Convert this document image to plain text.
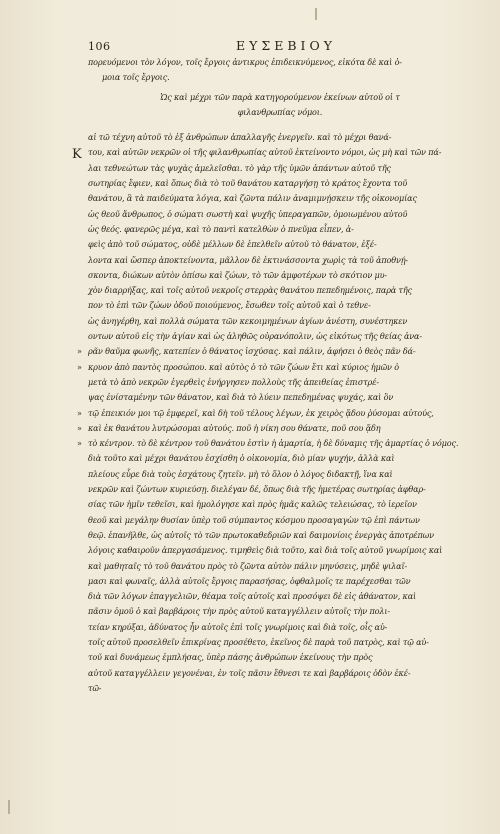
106	ΕΥΣΕΒΙΟΥ
Κ
πορευόμενοι τὸν λόγον, τοῖς ἔργοις ἀντικρυς ἐπιδεικνύμενος, εἰκότα δὲ καὶ ὁ-
μοια τοῖς ἔργοις.
Ὡς καὶ μέχρι τῶν παρὰ κατηγορούμενον ἐκείνων αὐτοῦ οἱ τ
φιλανθρωπίας νόμοι.
αἰ τῶ τέχνη αὐτοῦ τὸ ἐξ ἀνθρώπων ἀπαλλαγῆς ἐνεργεῖν. καὶ τὸ μέχρι θανά-
του, καὶ αὐτῶν νεκρῶν οἱ τῆς φιλανθρωπίας αὐτοῦ ἐκτείνοντο νόμοι, ὡς μὴ καὶ τῶν πά-
λαι τεθνεώτων τὰς ψυχὰς ἀμελεῖσθαι. τὸ γὰρ τῆς ὑμῶν ἀπάντων αὐτοῦ τῆς
σωτηρίας ἔφιεν, καὶ ὅπως διὰ τὸ τοῦ θανάτου καταργήσῃ τὸ κράτος ἔχοντα τοῦ
θανάτου, ἃ τὰ παιδεύματα λόγια, καὶ ζῶντα πάλιν ἀναμιμνῄσκειν τῆς οἰκονομίας
ὡς θεοῦ ἄνθρωπος, ὁ σώματι σωστὴ καὶ ψυχῆς ὑπεραγαπῶν, ὁμοιωμένου αὐτοῦ
ὡς θεός. φανερῶς μέγα, καὶ τὸ παντὶ κατελθὼν ὁ πνεῦμα εἶπεν, ἁ-
φεὶς ἀπὸ τοῦ σώματος, οὐδὲ μέλλων δὲ ἐπελθεῖν αὐτοῦ τὸ θάνατον, ἐξέ-
λοντα καὶ ὥσπερ ἀποκτείνοντα, μᾶλλον δὲ ἐκτινάσσοντα χωρὶς τὰ τοῦ ἀποθνῄ-
σκοντα, διώκων αὐτὸν ὀπίσω καὶ ζώων, τὸ τῶν ἀμφοτέρων τὸ σκότιον μυ-
χὸν διαρρήξας, καὶ τοῖς αὐτοῦ νεκροῖς στερρὰς θανάτου πεπεδημένοις, παρὰ τῆς
πον τὸ ἐπὶ τῶν ζώων ὁδοῦ ποιούμενος, ἔσωθεν τοῖς αὐτοῦ καὶ ὁ τεθνε-
ὡς ἀνηγέρθη, καὶ πολλὰ σώματα τῶν κεκοιμημένων ἁγίων ἀνέστη, συνέστηκεν
οντων αὐτοῦ εἰς τὴν ἁγίαν καὶ ὡς ἀληθῶς οὐρανόπολιν, ὡς εἰκότως τῆς θείας ἀνα-
» ρᾶν θαῦμα φωνῆς, κατεπίεν ὁ θάνατος ἰσχύσας. καὶ πάλιν, ἀφήσει ὁ θεὸς πᾶν δά-
» κρυον ἀπὸ παντὸς προσώπου. καὶ αὐτὸς ὁ τὸ τῶν ζώων ἔτι καὶ κύριος ἡμῶν ὁ
μετὰ τὸ ἀπὸ νεκρῶν ἐγερθεὶς ἐνήργησεν πολλοὺς τῆς ἀπειθείας ἐπιστρέ-
ψας ἐνίσταμένην τῶν θάνατον, καὶ διὰ τὸ λύειν πεπεδημένας ψυχάς, καὶ ὃν
» τῷ ἐπεικιόν μοι τῷ ἐμφερεῖ, καὶ δὴ τοῦ τέλους λέγων, ἐκ χειρὸς ᾅδου ῥύσομαι αὐτούς,
» καὶ ἐκ θανάτου λυτρώσομαι αὐτούς. ποῦ ἡ νίκη σου θάνατε, ποῦ σου ᾅδη
» τὸ κέντρον. τὸ δὲ κέντρον τοῦ θανάτου ἐστὶν ἡ ἁμαρτία, ἡ δὲ δύναμις τῆς ἁμαρτίας ὁ νόμος.
διὰ τοῦτο καὶ μέχρι θανάτου ἐσχίσθη ὁ οἰκονομία, διὸ μίαν ψυχήν, ἀλλὰ καὶ
πλείους εὗρε διὰ τοὺς ἐσχάτους ζητεῖν. μὴ τὸ ὅλον ὁ λόγος διδακτῇ, ἵνα καὶ
νεκρῶν καὶ ζώντων κυριεύσῃ. διελέγαν δέ, ὅπως διὰ τῆς ἡμετέρας σωτηρίας ἀφθαρ-
σίας τῶν ἡμῖν τεθεῖσι, καὶ ἡμολόγησε καὶ πρὸς ἡμᾶς καλῶς τελειώσας, τὸ ἱερεῖον
θεοῦ καὶ μεγάλην θυσίαν ὑπὲρ τοῦ σύμπαντος κόσμου προσαγαγὼν τῷ ἐπὶ πάντων
θεῷ. ἐπανῆλθε, ὡς αὐτοῖς τὸ τῶν πρωτοκαθεδριῶν καὶ δαιμονίοις ἐνεργὰς ἀποτρέπων
λόγοις καθαιροῦν ἀπεργασάμενος. τιμηθεὶς διὰ τοῦτο, καὶ διὰ τοῖς αὐτοῦ γνωρίμοις καὶ
καὶ μαθηταῖς τὸ τοῦ θανάτου πρὸς τὸ ζῶντα αὐτὸν πάλιν μηνύσεις, μηδὲ ψιλαῖ-
μασι καὶ φωναῖς, ἀλλὰ αὐτοῖς ἔργοις παρασήσας, ὀφθαλμοῖς τε παρέχεσθαι τῶν
διὰ τῶν λόγων ἐπαγγελιῶν, θέαμα τοῖς αὐτοῖς καὶ προσόψει δὲ εἰς ἀθάνατον, καὶ
πᾶσιν ὁμοῦ ὁ καὶ βαρβάροις τὴν πρὸς αὐτοῦ καταγγέλλειν αὐτοῖς τὴν πολι-
τείαν κηρύξαι, ἀδύνατος ἦν αὐτοῖς ἐπὶ τοῖς γνωρίμοις καὶ διὰ τοῖς, οἷς αὐ-
τοῖς αὐτοῦ προσελθεῖν ἐπικρίνας προσέθετο, ἐκεῖνος δὲ παρὰ τοῦ πατρὸς, καὶ τῷ αὐ-
τοῦ καὶ δυνάμεως ἐμπλήσας, ὑπὲρ πάσης ἀνθρώπων ἐκείνους τὴν πρὸς
αὐτοῦ καταγγέλλειν γεγονέναι, ἐν τοῖς πᾶσιν ἔθνεσι τε καὶ βαρβάροις ὁδὸν ἐκέ-
τῶ-
